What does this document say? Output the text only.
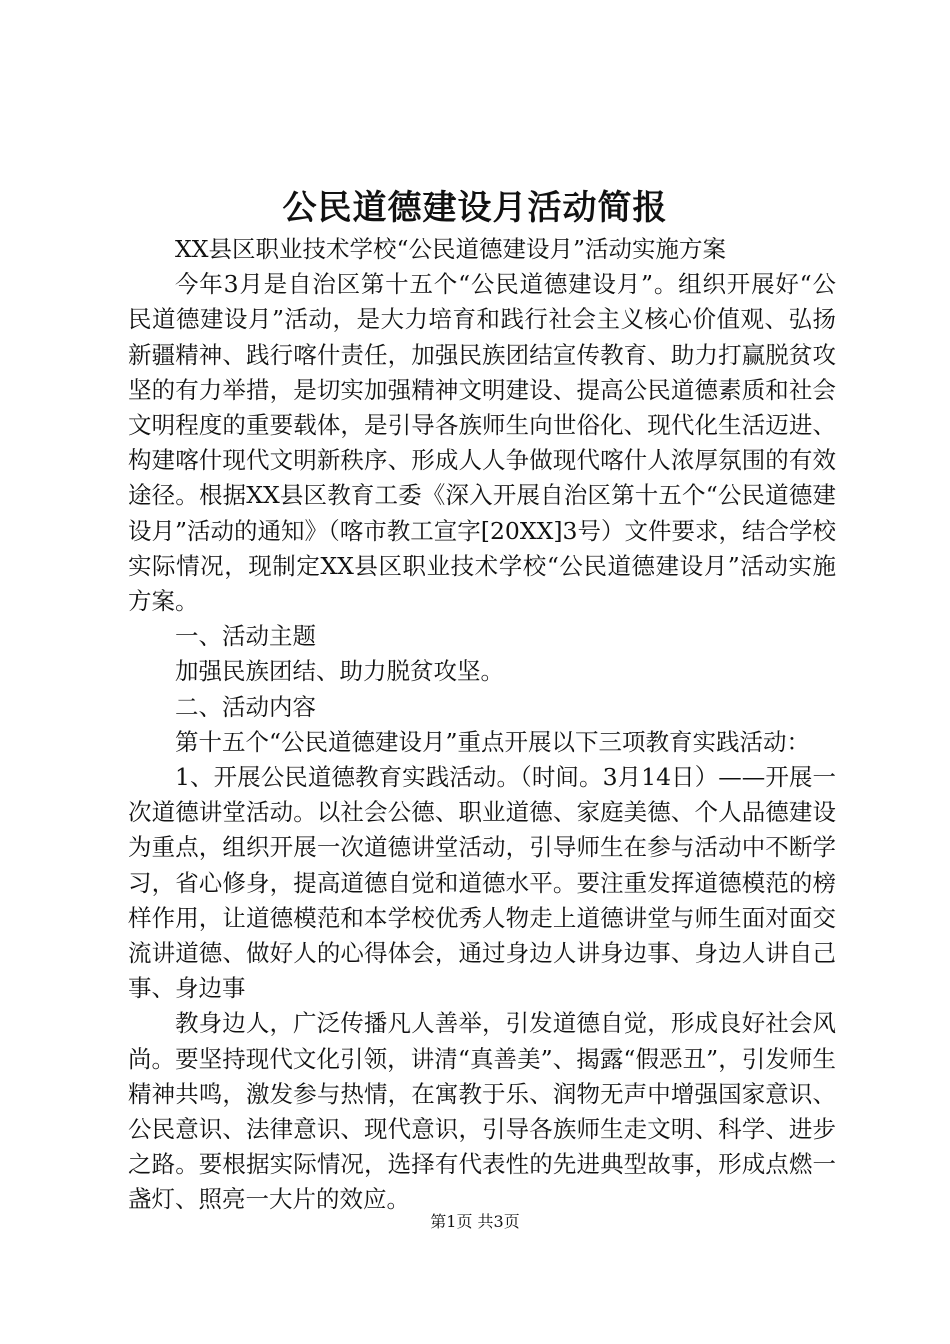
公民道德建设月活动简报

XX县区职业技术学校“公民道德建设月”活动实施方案

今年3月是自治区第十五个“公民道德建设月”。组织开展好“公民道德建设月”活动，是大力培育和践行社会主义核心价值观、弘扬新疆精神、践行喀什责任，加强民族团结宣传教育、助力打赢脱贫攻坚的有力举措，是切实加强精神文明建设、提高公民道德素质和社会文明程度的重要载体，是引导各族师生向世俗化、现代化生活迈进、构建喀什现代文明新秩序、形成人人争做现代喀什人浓厚氛围的有效途径。根据XX县区教育工委《深入开展自治区第十五个“公民道德建设月”活动的通知》（喀市教工宣字[20XX]3号）文件要求，结合学校实际情况，现制定XX县区职业技术学校“公民道德建设月”活动实施方案。

一、活动主题

加强民族团结、助力脱贫攻坚。

二、活动内容

第十五个“公民道德建设月”重点开展以下三项教育实践活动：

1、开展公民道德教育实践活动。（时间。3月14日）——开展一次道德讲堂活动。以社会公德、职业道德、家庭美德、个人品德建设为重点，组织开展一次道德讲堂活动，引导师生在参与活动中不断学习，省心修身，提高道德自觉和道德水平。要注重发挥道德模范的榜样作用，让道德模范和本学校优秀人物走上道德讲堂与师生面对面交流讲道德、做好人的心得体会，通过身边人讲身边事、身边人讲自己事、身边事

教身边人，广泛传播凡人善举，引发道德自觉，形成良好社会风尚。要坚持现代文化引领，讲清“真善美”、揭露“假恶丑”，引发师生精神共鸣，激发参与热情，在寓教于乐、润物无声中增强国家意识、公民意识、法律意识、现代意识，引导各族师生走文明、科学、进步之路。要根据实际情况，选择有代表性的先进典型故事，形成点燃一盏灯、照亮一大片的效应。

第1页 共3页
